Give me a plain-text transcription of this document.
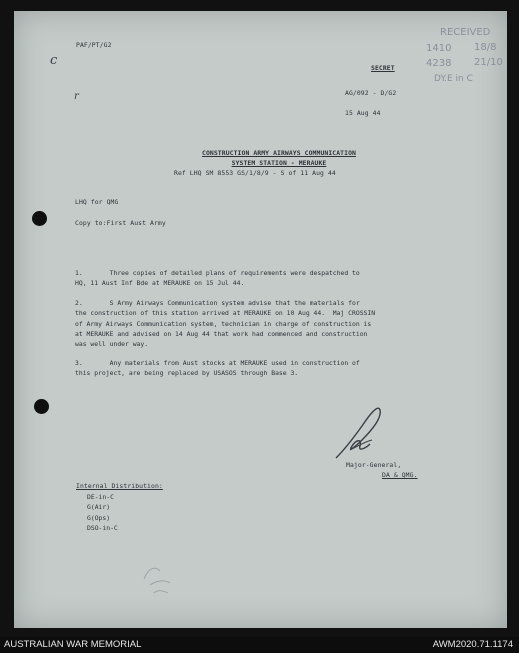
PAF/PT/G2
RECEIVED
1410 18/8
4238 21/10
DY.E in C
SECRET
AG/092 - D/G2
15 Aug 44
CONSTRUCTION ARMY AIRWAYS COMMUNICATION
SYSTEM STATION - MERAUKE
Ref LHQ SM 8553 GS/1/8/9 - S of 11 Aug 44
LHQ for QMG
Copy to:First Aust Army
1.       Three copies of detailed plans of requirements were despatched to
HQ, 11 Aust Inf Bde at MERAUKE on 15 Jul 44.
2.       S Army Airways Communication system advise that the materials for
the construction of this station arrived at MERAUKE on 10 Aug 44.  Maj CROSSIN
of Army Airways Communication system, technician in charge of construction is
at MERAUKE and advised on 14 Aug 44 that work had commenced and construction
was well under way.
3.       Any materials from Aust stocks at MERAUKE used in construction of
this project, are being replaced by USASOS through Base 3.
Major-General,
DA & QMG.
Internal Distribution:
DE-in-C
G(Air)
G(Ops)
DSO-in-C
c
r
AUSTRALIAN WAR MEMORIAL	AWM2020.71.1174
